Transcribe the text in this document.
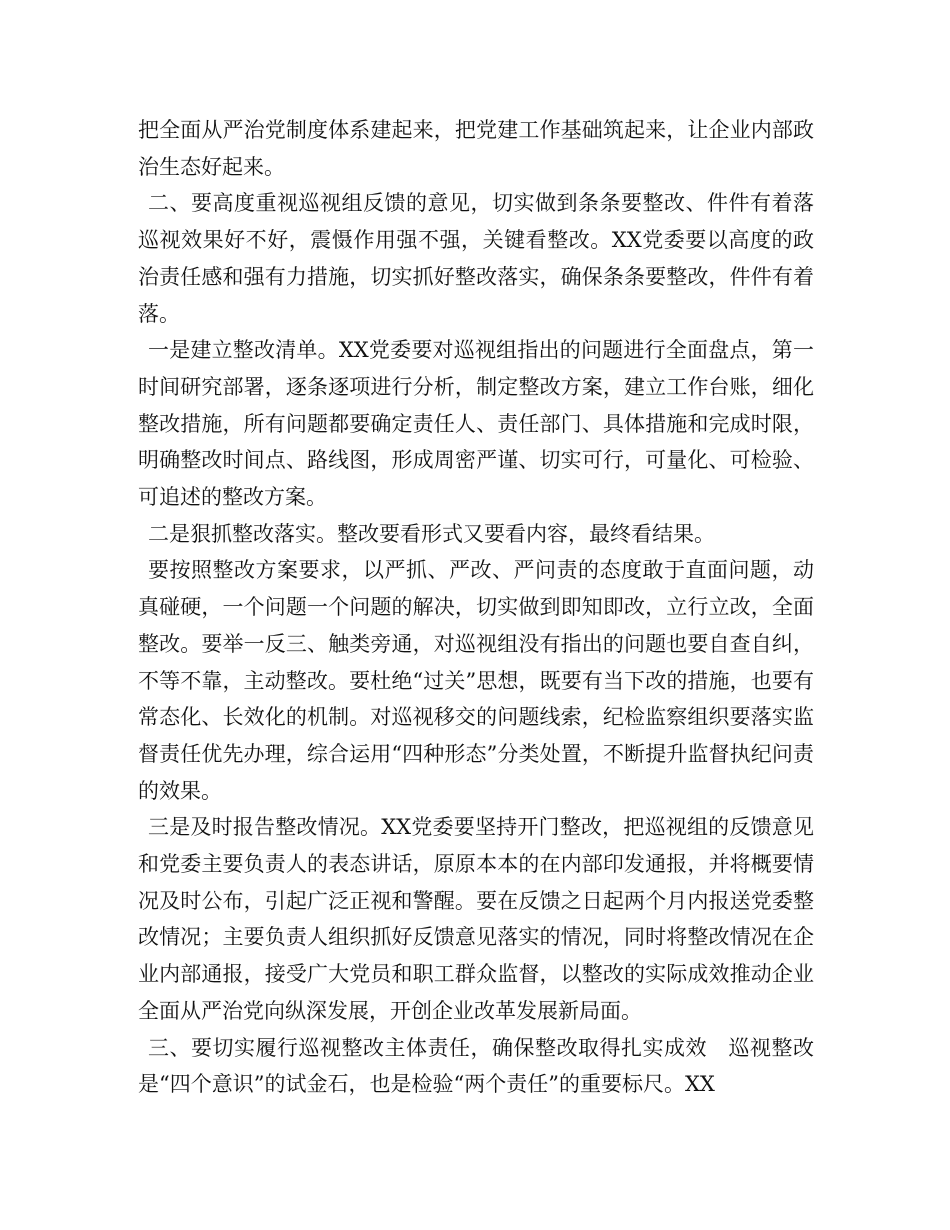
把全面从严治党制度体系建起来，把党建工作基础筑起来，让企业内部政治生态好起来。

二、要高度重视巡视组反馈的意见，切实做到条条要整改、件件有着落　巡视效果好不好，震慑作用强不强，关键看整改。XX党委要以高度的政治责任感和强有力措施，切实抓好整改落实，确保条条要整改，件件有着落。

一是建立整改清单。XX党委要对巡视组指出的问题进行全面盘点，第一时间研究部署，逐条逐项进行分析，制定整改方案，建立工作台账，细化整改措施，所有问题都要确定责任人、责任部门、具体措施和完成时限，明确整改时间点、路线图，形成周密严谨、切实可行，可量化、可检验、可追述的整改方案。

二是狠抓整改落实。整改要看形式又要看内容，最终看结果。

要按照整改方案要求，以严抓、严改、严问责的态度敢于直面问题，动真碰硬，一个问题一个问题的解决，切实做到即知即改，立行立改，全面整改。要举一反三、触类旁通，对巡视组没有指出的问题也要自查自纠，不等不靠，主动整改。要杜绝“过关”思想，既要有当下改的措施，也要有常态化、长效化的机制。对巡视移交的问题线索，纪检监察组织要落实监督责任优先办理，综合运用“四种形态”分类处置，不断提升监督执纪问责的效果。

三是及时报告整改情况。XX党委要坚持开门整改，把巡视组的反馈意见和党委主要负责人的表态讲话，原原本本的在内部印发通报，并将概要情况及时公布，引起广泛正视和警醒。要在反馈之日起两个月内报送党委整改情况；主要负责人组织抓好反馈意见落实的情况，同时将整改情况在企业内部通报，接受广大党员和职工群众监督，以整改的实际成效推动企业全面从严治党向纵深发展，开创企业改革发展新局面。

三、要切实履行巡视整改主体责任，确保整改取得扎实成效　巡视整改是“四个意识”的试金石，也是检验“两个责任”的重要标尺。XX
